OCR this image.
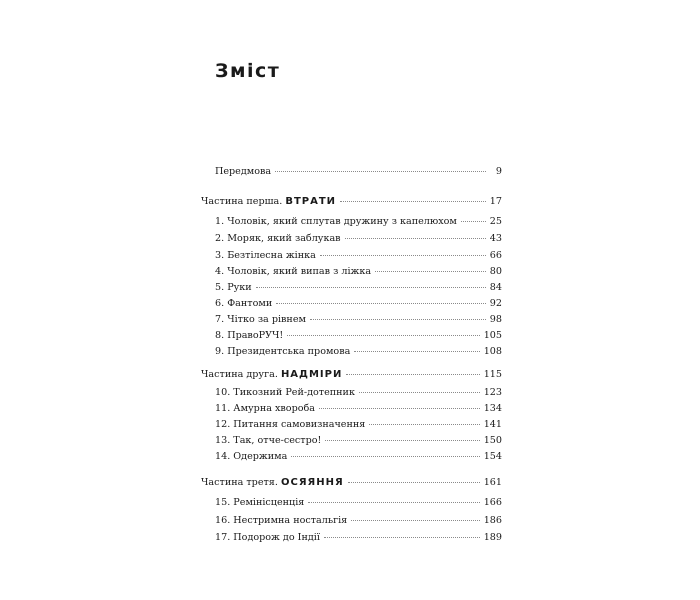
Зміст
Передмова	9
Частина перша. ВТРАТИ	17
1. Чоловік, який сплутав дружину з капелюхом	25
2. Моряк, який заблукав	43
3. Безтілесна жінка	66
4. Чоловік, який випав з ліжка	80
5. Руки	84
6. Фантоми	92
7. Чітко за рівнем	98
8. ПравоРУЧ!	105
9. Президентська промова	108
Частина друга. НАДМІРИ	115
10. Тикозний Рей-дотепник	123
11. Амурна хвороба	134
12. Питання самовизначення	141
13. Так, отче-сестро!	150
14. Одержима	154
Частина третя. ОСЯЯННЯ	161
15. Ремінісценція	166
16. Нестримна ностальгія	186
17. Подорож до Індії	189
